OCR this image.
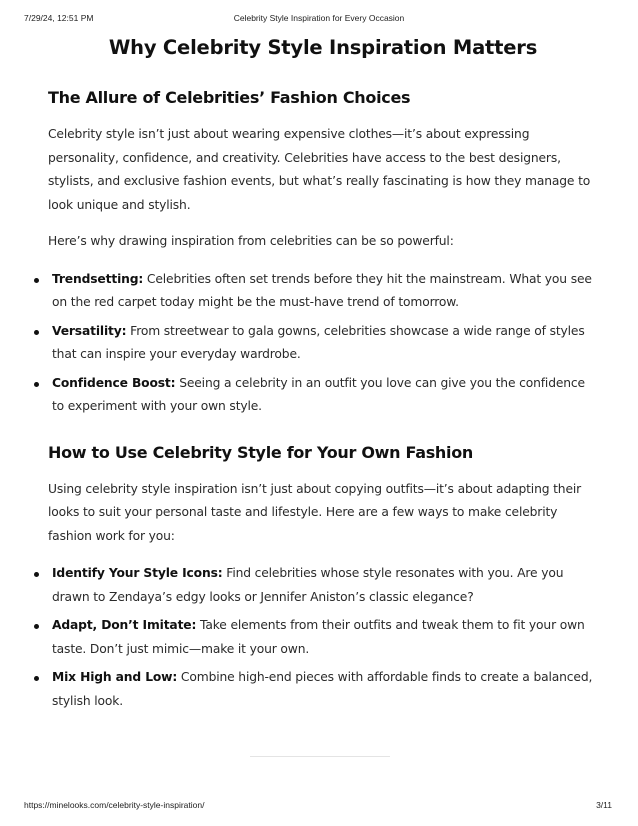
7/29/24, 12:51 PM	Celebrity Style Inspiration for Every Occasion
Why Celebrity Style Inspiration Matters
The Allure of Celebrities’ Fashion Choices

Celebrity style isn’t just about wearing expensive clothes—it’s about expressing personality, confidence, and creativity. Celebrities have access to the best designers, stylists, and exclusive fashion events, but what’s really fascinating is how they manage to look unique and stylish.

Here’s why drawing inspiration from celebrities can be so powerful:

Trendsetting: Celebrities often set trends before they hit the mainstream. What you see on the red carpet today might be the must-have trend of tomorrow.
Versatility: From streetwear to gala gowns, celebrities showcase a wide range of styles that can inspire your everyday wardrobe.
Confidence Boost: Seeing a celebrity in an outfit you love can give you the confidence to experiment with your own style.
How to Use Celebrity Style for Your Own Fashion

Using celebrity style inspiration isn’t just about copying outfits—it’s about adapting their looks to suit your personal taste and lifestyle. Here are a few ways to make celebrity fashion work for you:

Identify Your Style Icons: Find celebrities whose style resonates with you. Are you drawn to Zendaya’s edgy looks or Jennifer Aniston’s classic elegance?
Adapt, Don’t Imitate: Take elements from their outfits and tweak them to fit your own taste. Don’t just mimic—make it your own.
Mix High and Low: Combine high-end pieces with affordable finds to create a balanced, stylish look.
https://minelooks.com/celebrity-style-inspiration/	3/11
